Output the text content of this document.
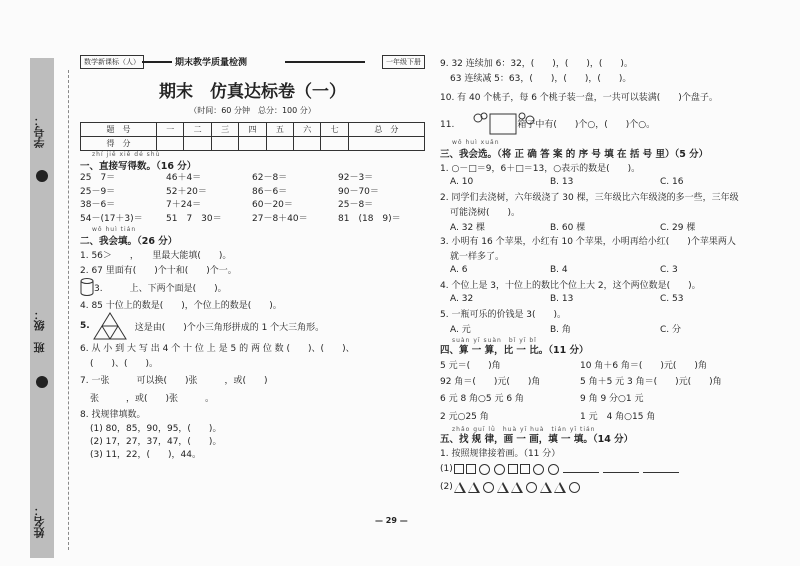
学号：
班　级：
姓名：
数学新课标（人）	期末教学质量检测	一年级下册
期末　仿真达标卷（一）
（时间：60 分钟　总分：100 分）
题　号	一	二	三	四	五	六	七	总　分
得　分								
zhí jiē xiě dé shù
一、直接写得数。（16 分）
25　7＝	46＋4＝	62－8＝	92－3＝
25－9＝	52＋20＝	86－6＝	90－70＝
38－6＝	7＋24＝	60－20＝	25－8＝
54－(17＋3)＝	51　7　30＝	27－8＋40＝	81　(18　9)＝
wǒ huì tián
二、我会填。（26 分）
1. 56＞　　，　　里最大能填(　　)。
2. 67 里面有(　　)个十和(　　)个一。
3.　　　上、下两个面是(　　)。
4. 85 十位上的数是(　　)，个位上的数是(　　)。
5.	这是由(　　)个小三角形拼成的 1 个大三角形。
6. 从 小 到 大 写 出 4 个 十 位 上 是 5 的 两 位 数 (　　)、(　　)、
(　　)、(　　)。
7. 一张　　　可以换(　　)张　　　，或(　　)
张　　　，或(　　)张　　　。
8. 找规律填数。
(1) 80，85，90，95，(　　)。
(2) 17，27，37，47，(　　)。
(3) 11，22，(　　)，44。
9. 32 连续加 6：32，(　　)，(　　)，(　　)。
63 连续减 5：63，(　　)，(　　)，(　　)。
10. 有 40 个桃子，每 6 个桃子装一盘，一共可以装满(　　)个盘子。
11.　　　　　　　箱子中有(　　)个○，(　　)个○。
wǒ huì xuǎn
三、我会选。（将 正 确 答 案 的 序 号 填 在 括 号 里）（5 分）
1. ○－□＝9，6＋□＝13，○表示的数是(　　)。
A. 10	B. 13	C. 16
2. 同学们去浇树，六年级浇了 30 棵，三年级比六年级浇的多一些，三年级
可能浇树(　　)。
A. 32 棵	B. 60 棵	C. 29 棵
3. 小明有 16 个苹果，小红有 10 个苹果，小明再给小红(　　)个苹果两人
就一样多了。
A. 6	B. 4	C. 3
4. 个位上是 3，十位上的数比个位上大 2，这个两位数是(　　)。
A. 32	B. 13	C. 53
5. 一瓶可乐的价钱是 3(　　)。
A. 元	B. 角	C. 分
suàn yī suàn　bǐ yī bǐ
四、算 一 算，比 一 比。（11 分）
5 元＝(　　)角	10 角＋6 角＝(　　)元(　　)角
92 角＝(　　)元(　　)角	5 角＋5 元 3 角＝(　　)元(　　)角
6 元 8 角○5 元 6 角	9 角 9 分○1 元
2 元○25 角	1 元　4 角○15 角
zhǎo guī lǜ　huà yī huà　tián yī tián
五、找 规 律，画 一 画，填 一 填。（14 分）
1. 按照规律接着画。（11 分）
(1)
(2)
— 29 —
